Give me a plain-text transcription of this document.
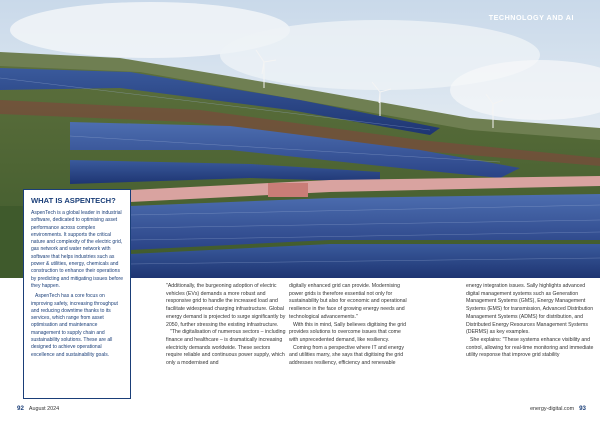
TECHNOLOGY AND AI
WHAT IS ASPENTECH?

AspenTech is a global leader in industrial software, dedicated to optimising asset performance across complex environments. It supports the critical nature and complexity of the electric grid, gas network and water network with software that helps industries such as power & utilities, energy, chemicals and construction to enhance their operations by predicting and mitigating issues before they happen.

AspenTech has a core focus on improving safety, increasing throughput and reducing downtime thanks to its services, which range from asset optimisation and maintenance management to supply chain and sustainability solutions. These are all designed to achieve operational excellence and sustainability goals.

"Additionally, the burgeoning adoption of electric vehicles (EVs) demands a more robust and responsive grid to handle the increased load and facilitate widespread charging infrastructure. Global energy demand is projected to surge significantly by 2050, further stressing the existing infrastructure.

"The digitalisation of numerous sectors – including finance and healthcare – is dramatically increasing electricity demands worldwide. These sectors require reliable and continuous power supply, which only a modernised and

digitally enhanced grid can provide. Modernising power grids is therefore essential not only for sustainability but also for economic and operational resilience in the face of growing energy needs and technological advancements."

With this in mind, Sally believes digitising the grid provides solutions to overcome issues that come with unprecedented demand, like resiliency.

Coming from a perspective where IT and energy and utilities marry, she says that digitising the grid addresses resiliency, efficiency and renewable

energy integration issues. Sally highlights advanced digital management systems such as Generation Management Systems (GMS), Energy Management Systems (EMS) for transmission, Advanced Distribution Management Systems (ADMS) for distribution, and Distributed Energy Resources Management Systems (DERMS) as key examples.

She explains: "These systems enhance visibility and control, allowing for real-time monitoring and immediate utility response that improve grid stability

92 August 2024	energy-digital.com 93
